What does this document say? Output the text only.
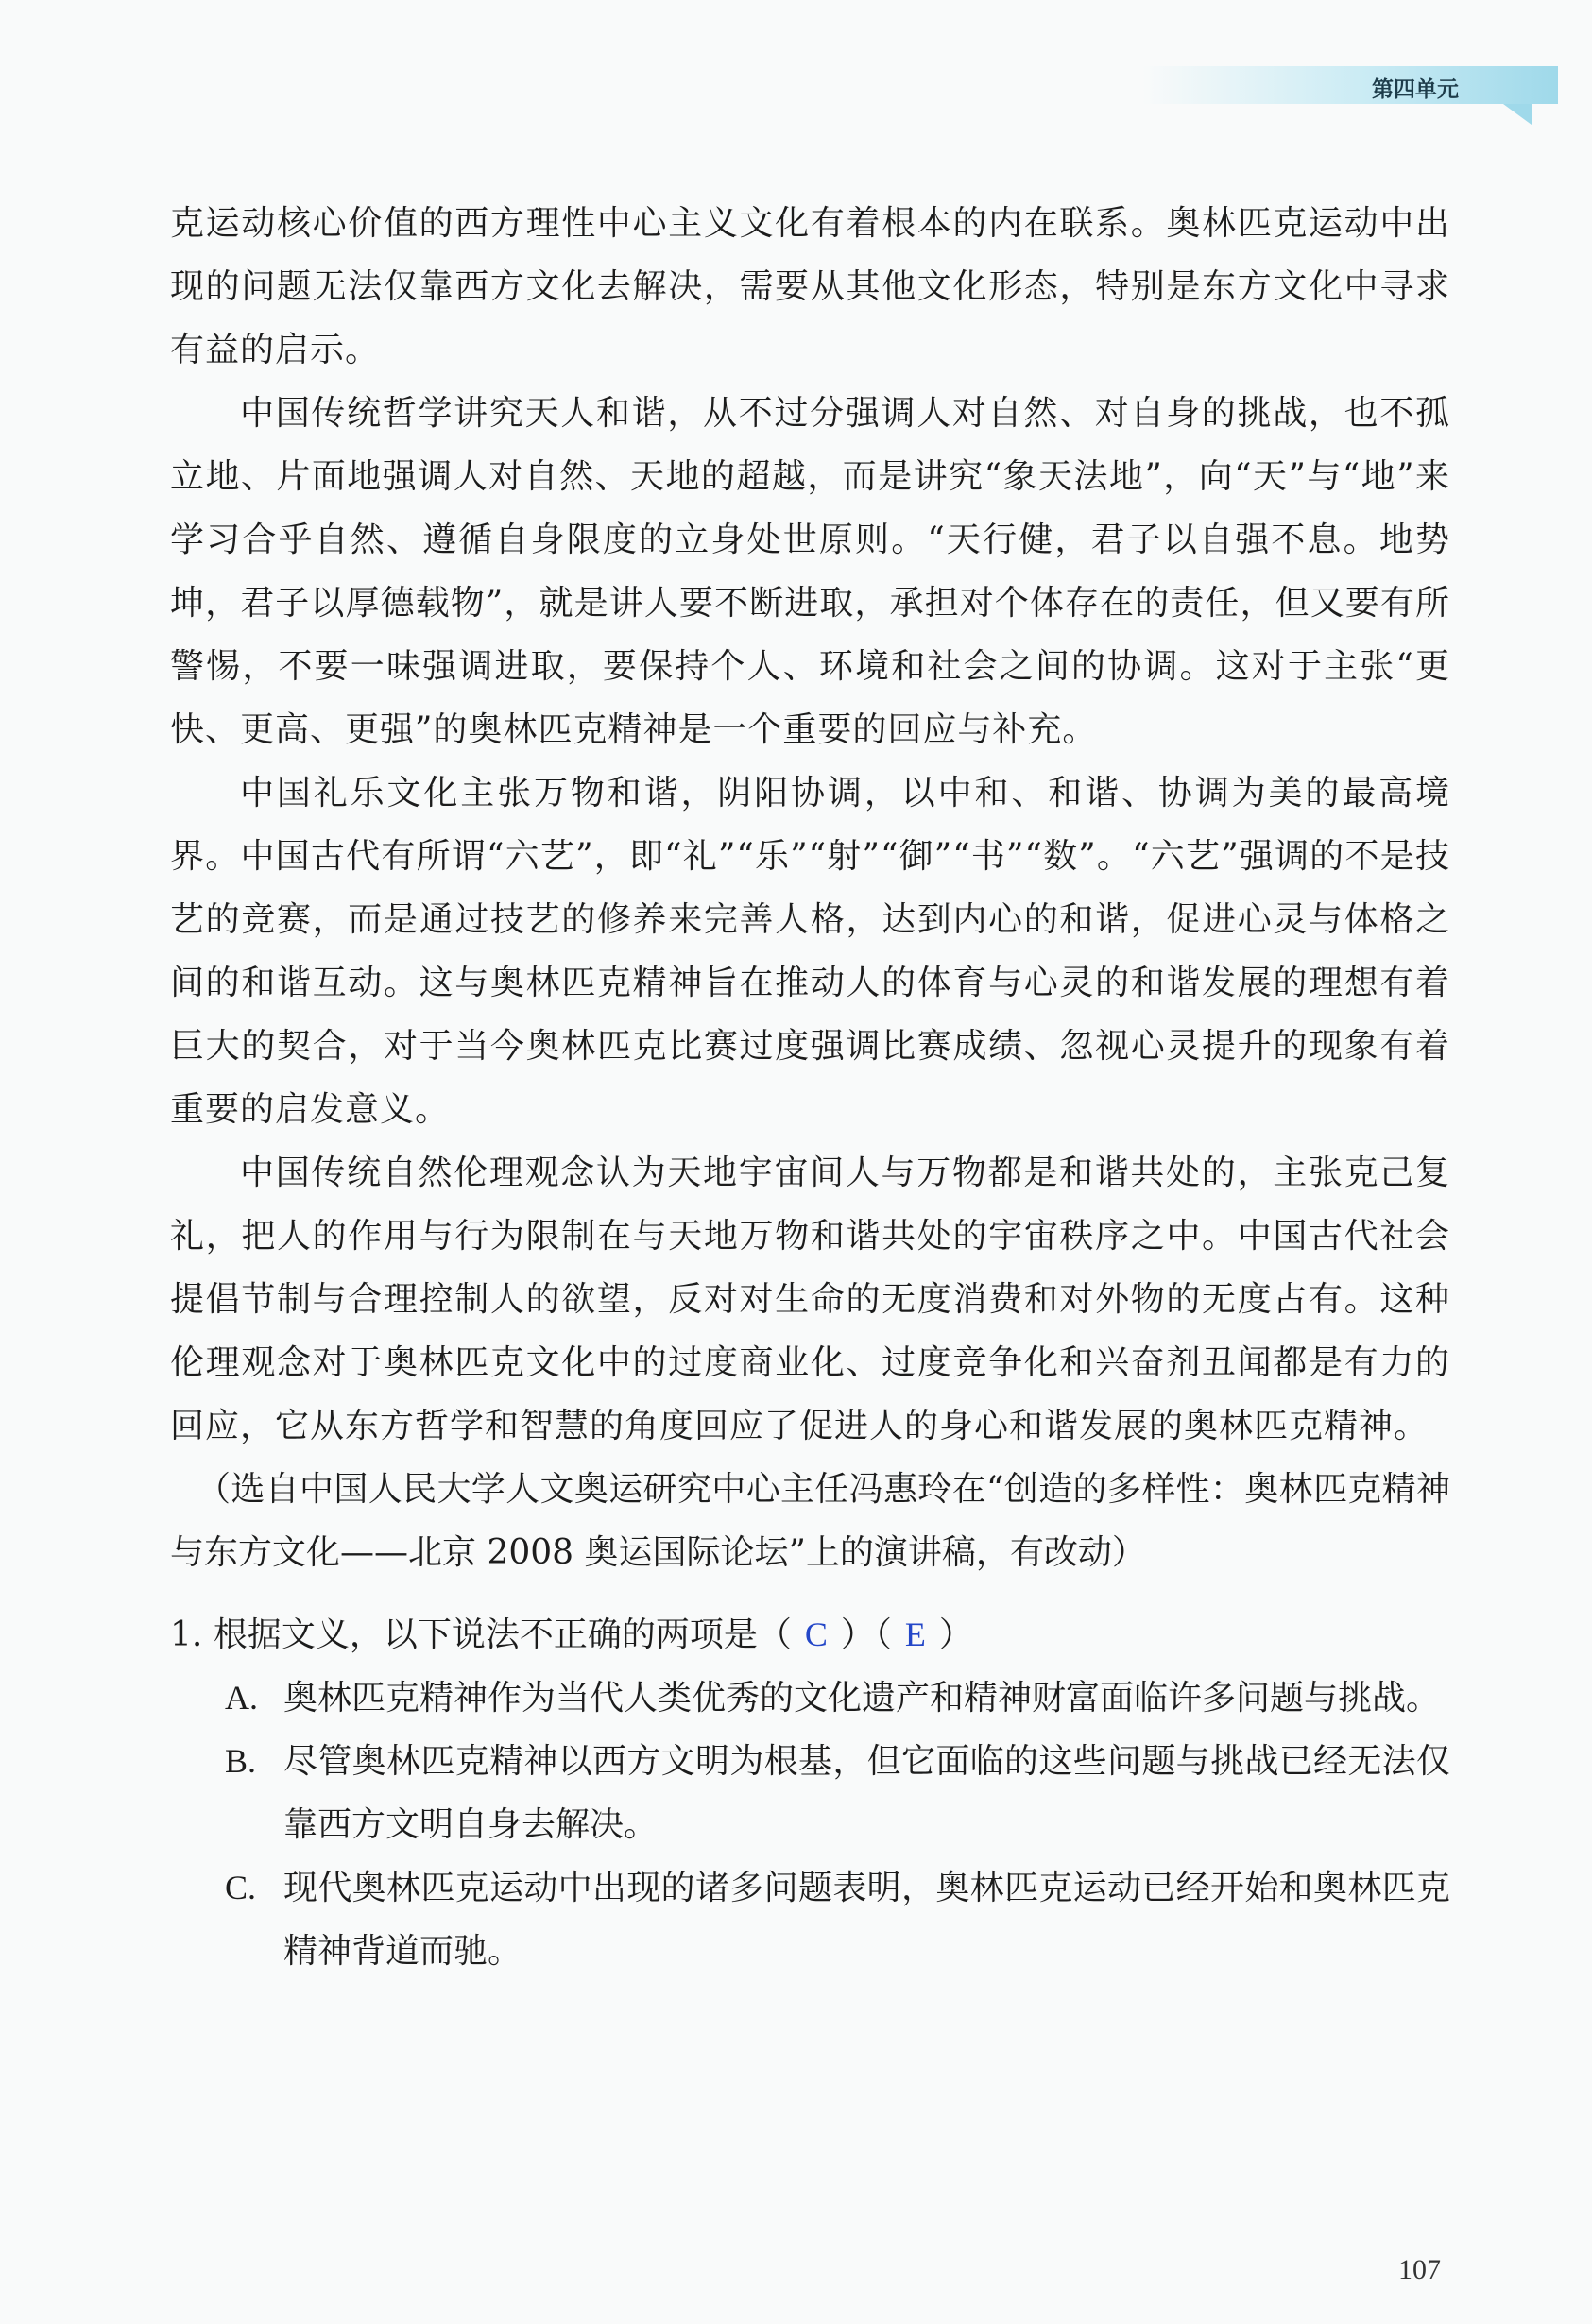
第四单元

克运动核心价值的西方理性中心主义文化有着根本的内在联系。奥林匹克运动中出现的问题无法仅靠西方文化去解决，需要从其他文化形态，特别是东方文化中寻求有益的启示。

中国传统哲学讲究天人和谐，从不过分强调人对自然、对自身的挑战，也不孤立地、片面地强调人对自然、天地的超越，而是讲究“象天法地”，向“天”与“地”来学习合乎自然、遵循自身限度的立身处世原则。“天行健，君子以自强不息。地势坤，君子以厚德载物”，就是讲人要不断进取，承担对个体存在的责任，但又要有所警惕，不要一味强调进取，要保持个人、环境和社会之间的协调。这对于主张“更快、更高、更强”的奥林匹克精神是一个重要的回应与补充。

中国礼乐文化主张万物和谐，阴阳协调，以中和、和谐、协调为美的最高境界。中国古代有所谓“六艺”，即“礼”“乐”“射”“御”“书”“数”。“六艺”强调的不是技艺的竞赛，而是通过技艺的修养来完善人格，达到内心的和谐，促进心灵与体格之间的和谐互动。这与奥林匹克精神旨在推动人的体育与心灵的和谐发展的理想有着巨大的契合，对于当今奥林匹克比赛过度强调比赛成绩、忽视心灵提升的现象有着重要的启发意义。

中国传统自然伦理观念认为天地宇宙间人与万物都是和谐共处的，主张克己复礼，把人的作用与行为限制在与天地万物和谐共处的宇宙秩序之中。中国古代社会提倡节制与合理控制人的欲望，反对对生命的无度消费和对外物的无度占有。这种伦理观念对于奥林匹克文化中的过度商业化、过度竞争化和兴奋剂丑闻都是有力的回应，它从东方哲学和智慧的角度回应了促进人的身心和谐发展的奥林匹克精神。

（选自中国人民大学人文奥运研究中心主任冯惠玲在“创造的多样性：奥林匹克精神与东方文化——北京 2008 奥运国际论坛”上的演讲稿，有改动）

1. 根据文义，以下说法不正确的两项是（ C ）（ E ）
A. 奥林匹克精神作为当代人类优秀的文化遗产和精神财富面临许多问题与挑战。
B. 尽管奥林匹克精神以西方文明为根基，但它面临的这些问题与挑战已经无法仅靠西方文明自身去解决。
C. 现代奥林匹克运动中出现的诸多问题表明，奥林匹克运动已经开始和奥林匹克精神背道而驰。
107
